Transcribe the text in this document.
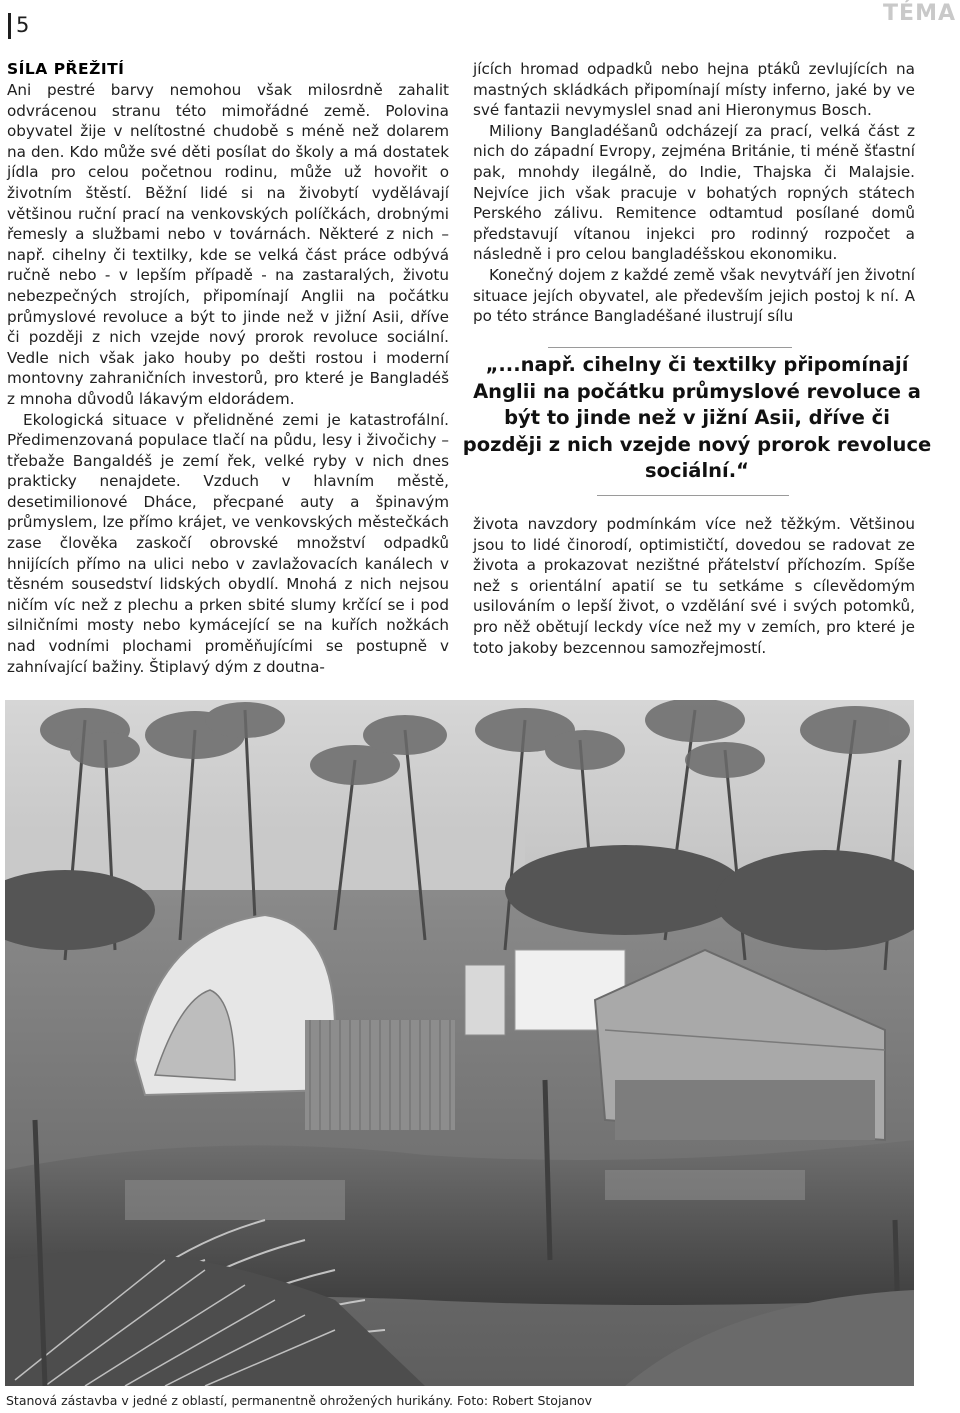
5	TÉMA
SÍLA PŘEŽITÍ

Ani pestré barvy nemohou však milosrdně zahalit odvrácenou stranu této mimořádné země. Polovina obyvatel žije v nelítostné chudobě s méně než dolarem na den. Kdo může své děti posílat do školy a má dostatek jídla pro celou početnou rodinu, může už hovořit o životním štěstí. Běžní lidé si na živobytí vydělávají většinou ruční prací na venkovských políčkách, drobnými řemesly a službami nebo v továrnách. Některé z nich – např. cihelny či textilky, kde se velká část práce odbývá ručně nebo - v lepším případě - na zastaralých, životu nebezpečných strojích, připomínají Anglii na počátku průmyslové revoluce a být to jinde než v jižní Asii, dříve či později z nich vzejde nový prorok revoluce sociální. Vedle nich však jako houby po dešti rostou i moderní montovny zahraničních investorů, pro které je Bangladéš z mnoha důvodů lákavým eldorádem.

Ekologická situace v přelidněné zemi je katastrofální. Předimenzovaná populace tlačí na půdu, lesy i živočichy – třebaže Bangaldéš je zemí řek, velké ryby v nich dnes prakticky nenajdete. Vzduch v hlavním městě, desetimilionové Dháce, přecpané auty a špinavým průmyslem, lze přímo krájet, ve venkovských městečkách zase člověka zaskočí obrovské množství odpadků hnijících přímo na ulici nebo v zavlažovacích kanálech v těsném sousedství lidských obydlí. Mnohá z nich nejsou ničím víc než z plechu a prken sbité slumy krčící se i pod silničními mosty nebo kymácející se na kuřích nožkách nad vodními plochami proměňujícími se postupně v zahnívající bažiny. Štiplavý dým z doutna-

jících hromad odpadků nebo hejna ptáků zevlujících na mastných skládkách připomínají místy inferno, jaké by ve své fantazii nevymyslel snad ani Hieronymus Bosch.

Miliony Bangladéšanů odcházejí za prací, velká část z nich do západní Evropy, zejména Británie, ti méně šťastní pak, mnohdy ilegálně, do Indie, Thajska či Malajsie. Nejvíce jich však pracuje v bohatých ropných státech Perského zálivu. Remitence odtamtud posílané domů představují vítanou injekci pro rodinný rozpočet a následně i pro celou bangladéšskou ekonomiku.

Konečný dojem z každé země však nevytváří jen životní situace jejích obyvatel, ale především jejich postoj k ní. A po této stránce Bangladéšané ilustrují sílu

„...např. cihelny či textilky připomínají Anglii na počátku průmyslové revoluce a být to jinde než v jižní Asii, dříve či později z nich vzejde nový prorok revoluce sociální.“

života navzdory podmínkám více než těžkým. Většinou jsou to lidé činorodí, optimističtí, dovedou se radovat ze života a prokazovat nezištné přátelství příchozím. Spíše než s orientální apatií se tu setkáme s cílevědomým usilováním o lepší život, o vzdělání své i svých potomků, pro něž obětují leckdy více než my v zemích, pro které je toto jakoby bezcennou samozřejmostí.

Stanová zástavba v jedné z oblastí, permanentně ohrožených hurikány. Foto: Robert Stojanov
